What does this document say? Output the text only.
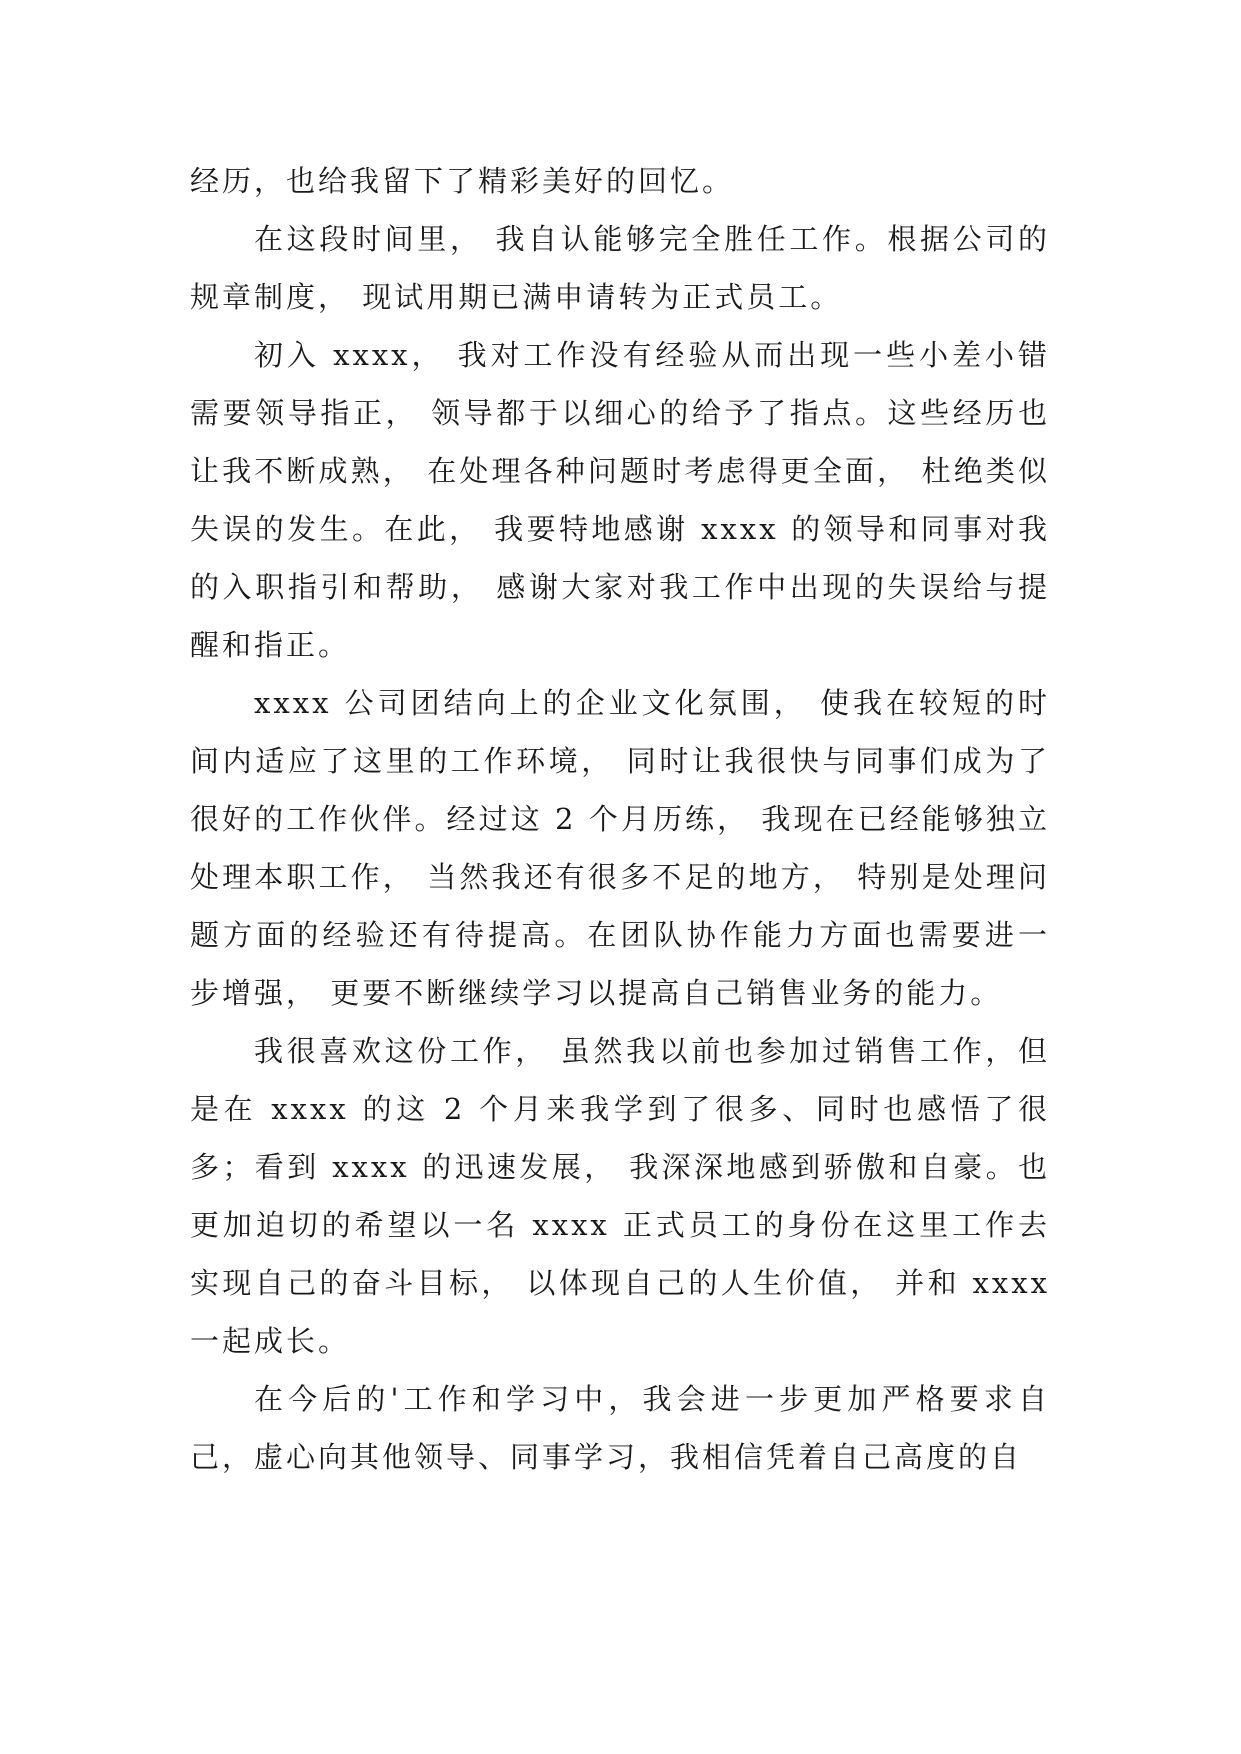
经历，也给我留下了精彩美好的回忆。

在这段时间里， 我自认能够完全胜任工作。根据公司的规章制度， 现试用期已满申请转为正式员工。

初入 xxxx， 我对工作没有经验从而出现一些小差小错需要领导指正， 领导都于以细心的给予了指点。这些经历也让我不断成熟， 在处理各种问题时考虑得更全面， 杜绝类似失误的发生。在此， 我要特地感谢 xxxx 的领导和同事对我的入职指引和帮助， 感谢大家对我工作中出现的失误给与提醒和指正。

xxxx 公司团结向上的企业文化氛围， 使我在较短的时间内适应了这里的工作环境， 同时让我很快与同事们成为了很好的工作伙伴。经过这 2 个月历练， 我现在已经能够独立处理本职工作， 当然我还有很多不足的地方， 特别是处理问题方面的经验还有待提高。在团队协作能力方面也需要进一步增强， 更要不断继续学习以提高自己销售业务的能力。

我很喜欢这份工作， 虽然我以前也参加过销售工作，但是在 xxxx 的这 2 个月来我学到了很多、同时也感悟了很多；看到 xxxx 的迅速发展， 我深深地感到骄傲和自豪。也更加迫切的希望以一名 xxxx 正式员工的身份在这里工作去实现自己的奋斗目标， 以体现自己的人生价值， 并和 xxxx 一起成长。

在今后的'工作和学习中，我会进一步更加严格要求自己，虚心向其他领导、同事学习，我相信凭着自己高度的自
